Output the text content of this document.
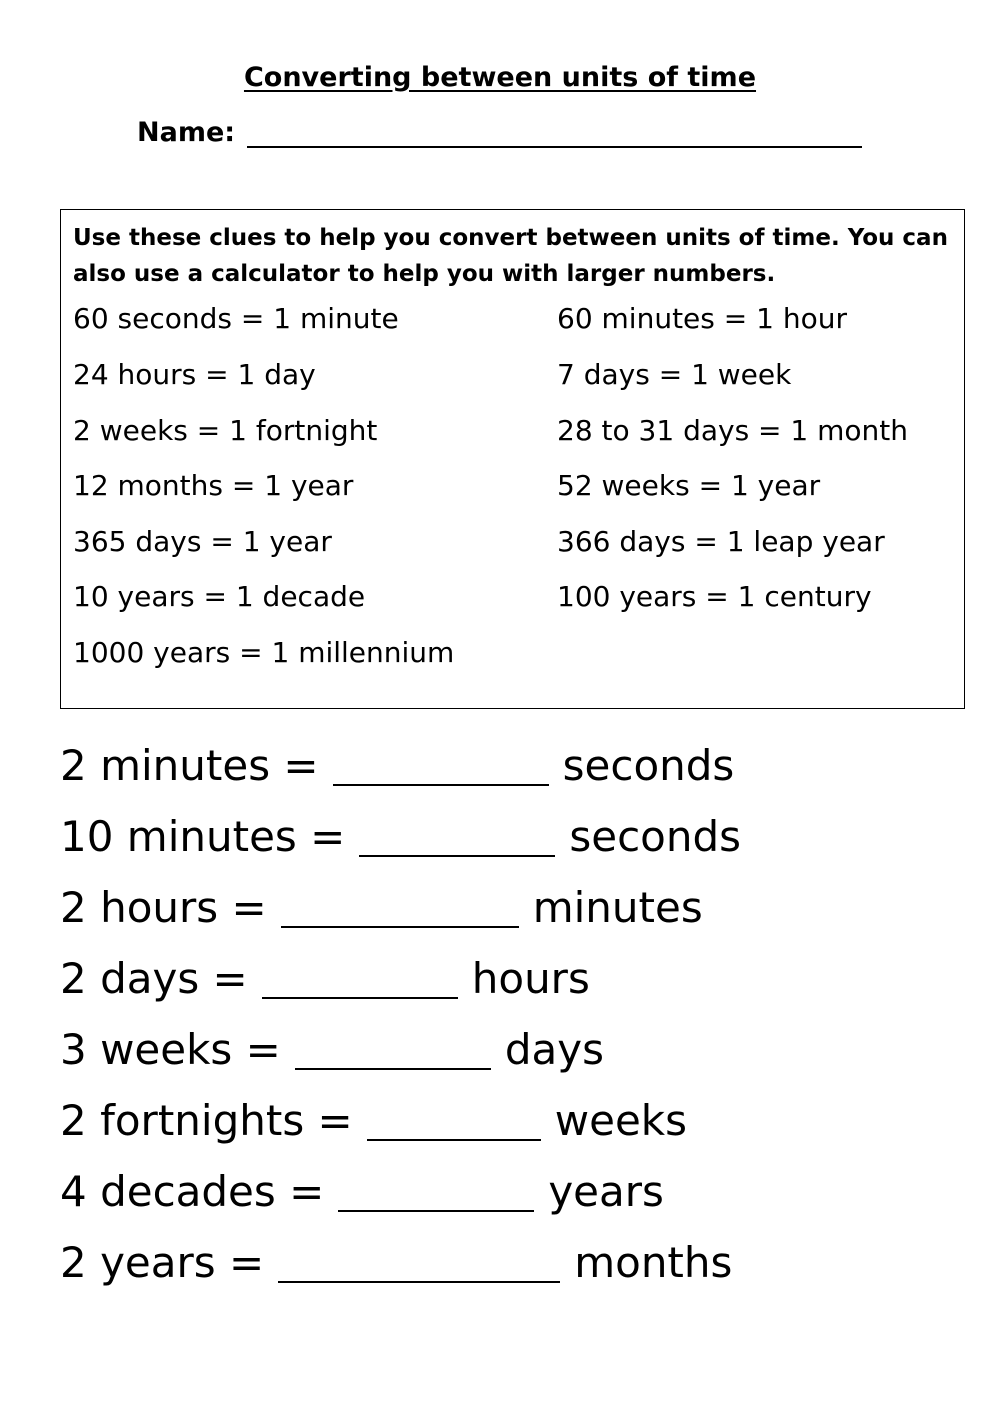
Converting between units of time
Name:
Use these clues to help you convert between units of time. You can also use a calculator to help you with larger numbers.
60 seconds = 1 minute
24 hours = 1 day
2 weeks = 1 fortnight
12 months = 1 year
365 days = 1 year
10 years = 1 decade
1000 years = 1 millennium
60 minutes = 1 hour
7 days = 1 week
28 to 31 days = 1 month
52 weeks = 1 year
366 days = 1 leap year
100 years = 1 century
2 minutes =	seconds
10 minutes =	seconds
2 hours =	minutes
2 days =	hours
3 weeks =	days
2 fortnights =	weeks
4 decades =	years
2 years =	months
